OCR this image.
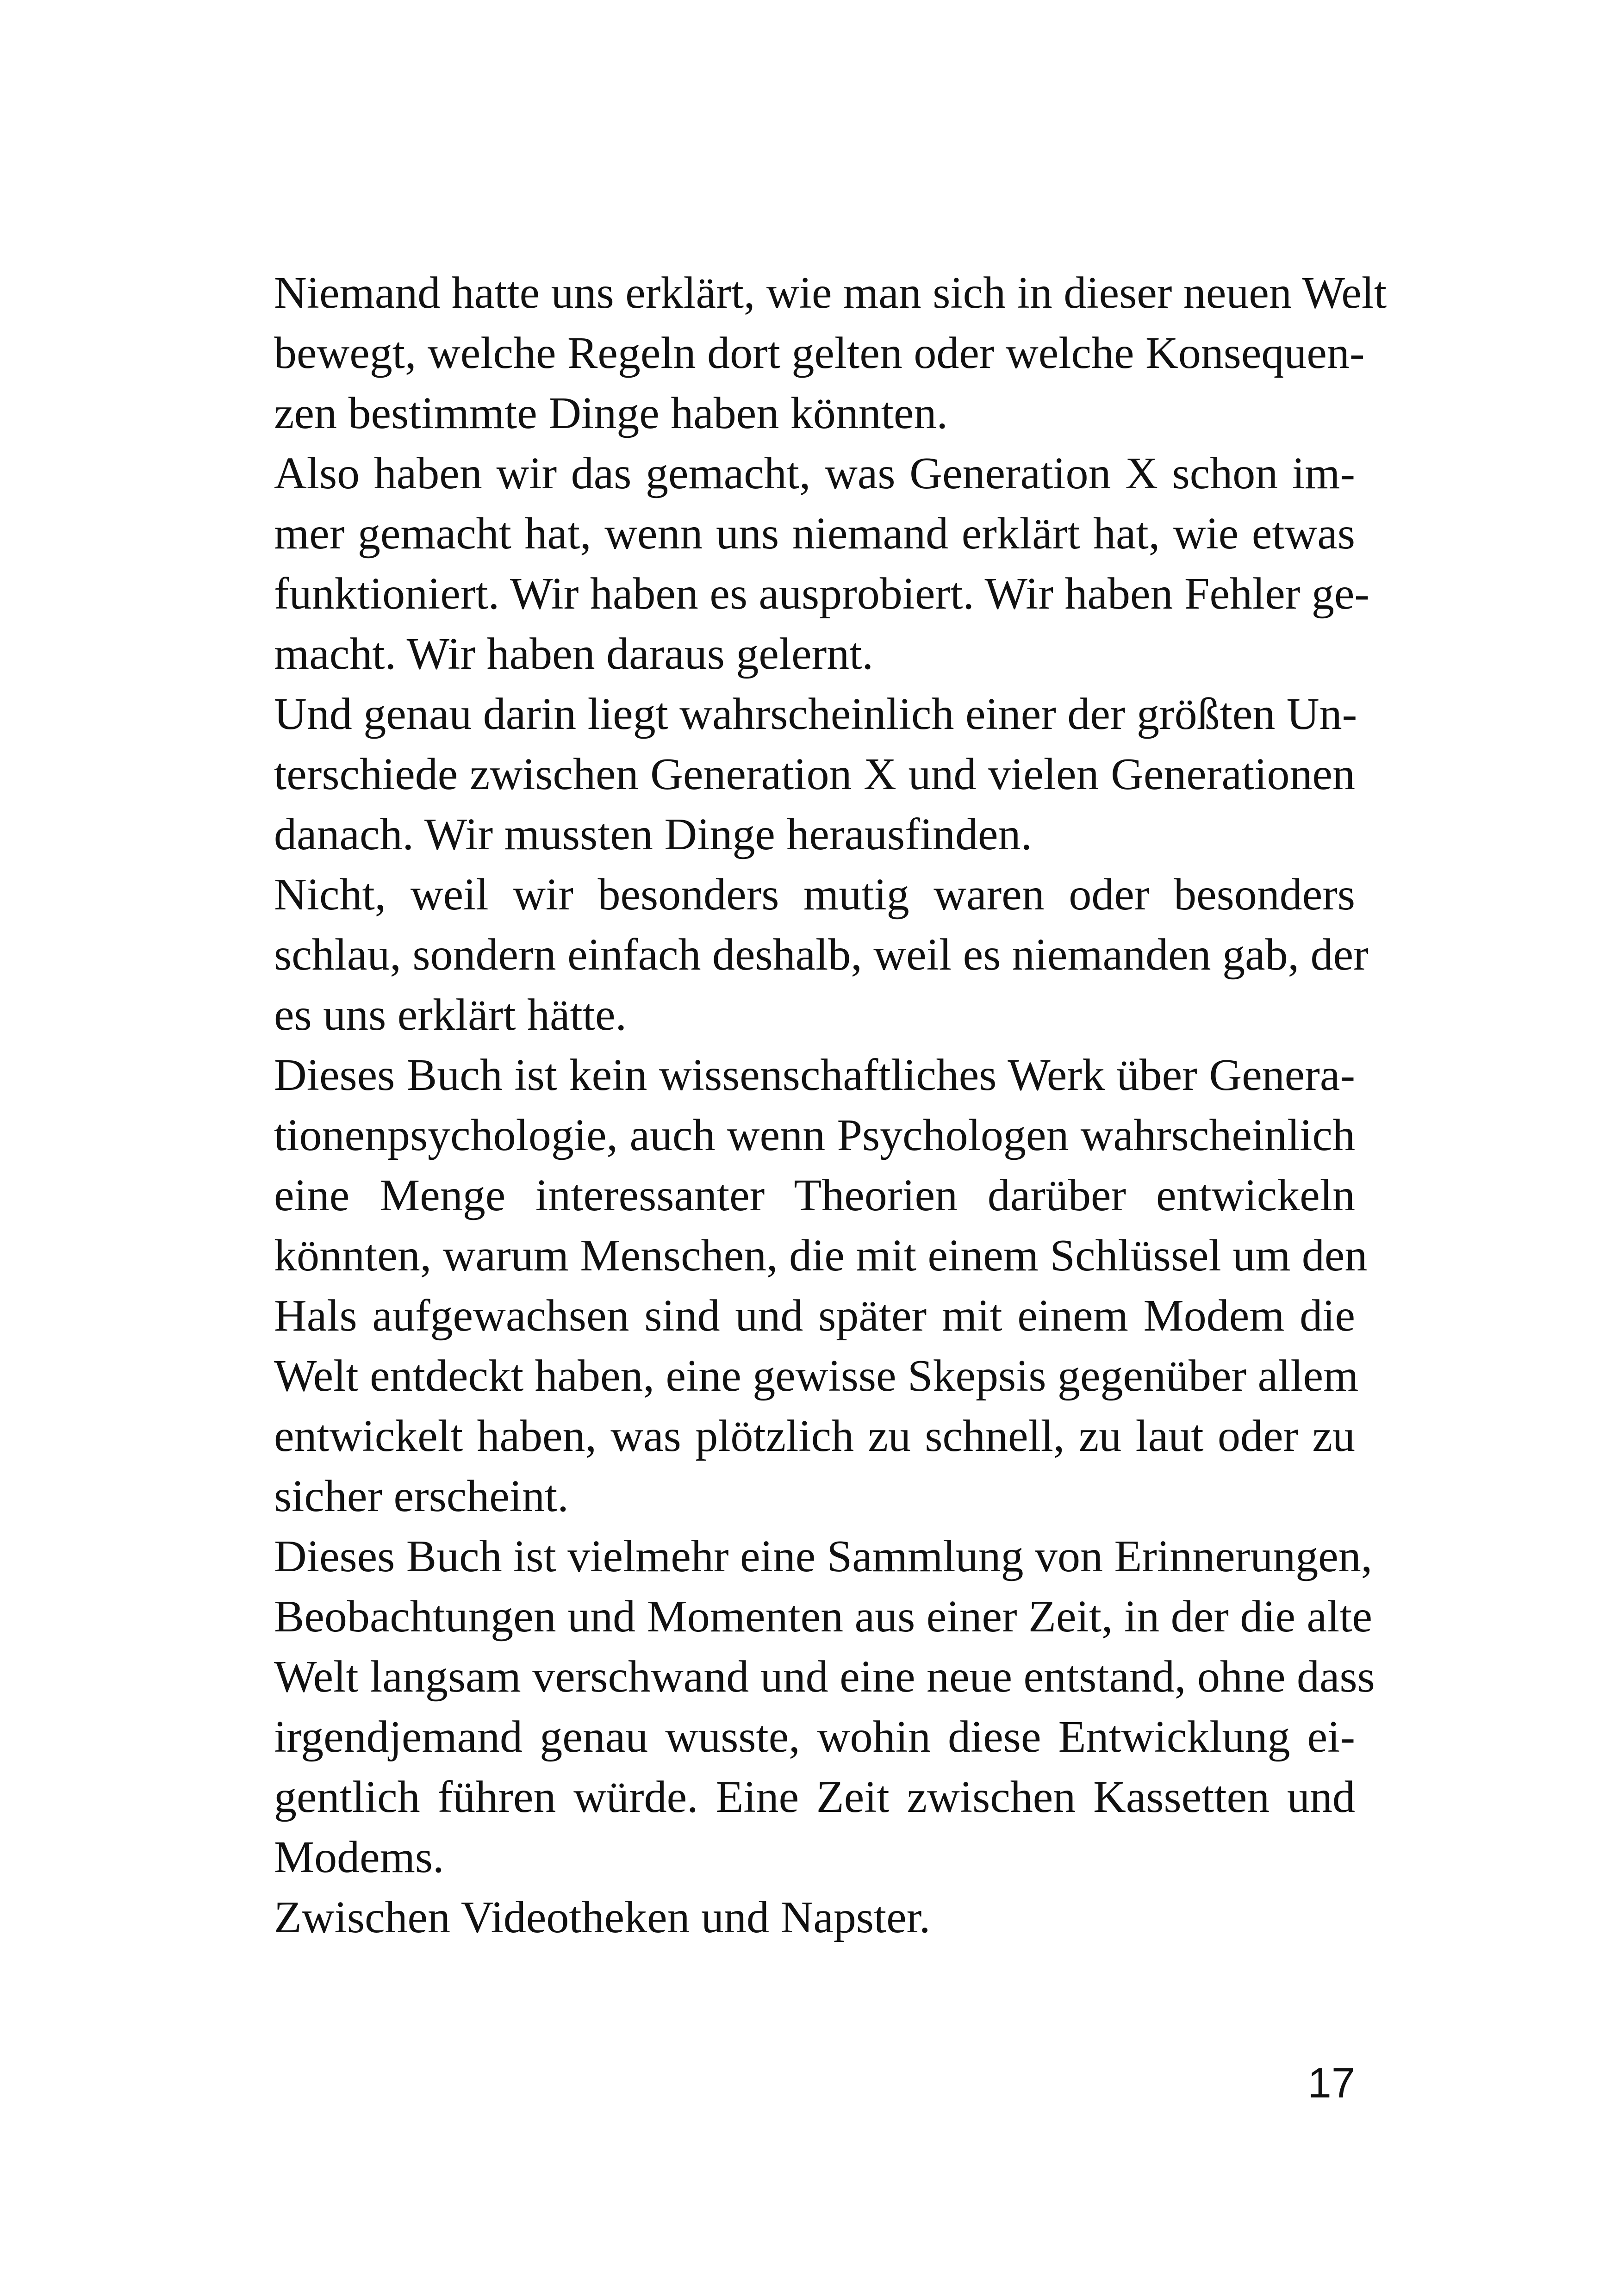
Niemand hatte uns erklärt, wie man sich in dieser neuen Welt
bewegt, welche Regeln dort gelten oder welche Konsequen-
zen bestimmte Dinge haben könnten.
Also haben wir das gemacht, was Generation X schon im-
mer gemacht hat, wenn uns niemand erklärt hat, wie etwas
funktioniert. Wir haben es ausprobiert. Wir haben Fehler ge-
macht. Wir haben daraus gelernt.
Und genau darin liegt wahrscheinlich einer der größten Un-
terschiede zwischen Generation X und vielen Generationen
danach. Wir mussten Dinge herausfinden.
Nicht, weil wir besonders mutig waren oder besonders
schlau, sondern einfach deshalb, weil es niemanden gab, der
es uns erklärt hätte.
Dieses Buch ist kein wissenschaftliches Werk über Genera-
tionenpsychologie, auch wenn Psychologen wahrscheinlich
eine Menge interessanter Theorien darüber entwickeln
könnten, warum Menschen, die mit einem Schlüssel um den
Hals aufgewachsen sind und später mit einem Modem die
Welt entdeckt haben, eine gewisse Skepsis gegenüber allem
entwickelt haben, was plötzlich zu schnell, zu laut oder zu
sicher erscheint.
Dieses Buch ist vielmehr eine Sammlung von Erinnerungen,
Beobachtungen und Momenten aus einer Zeit, in der die alte
Welt langsam verschwand und eine neue entstand, ohne dass
irgendjemand genau wusste, wohin diese Entwicklung ei-
gentlich führen würde. Eine Zeit zwischen Kassetten und
Modems.
Zwischen Videotheken und Napster.
17
